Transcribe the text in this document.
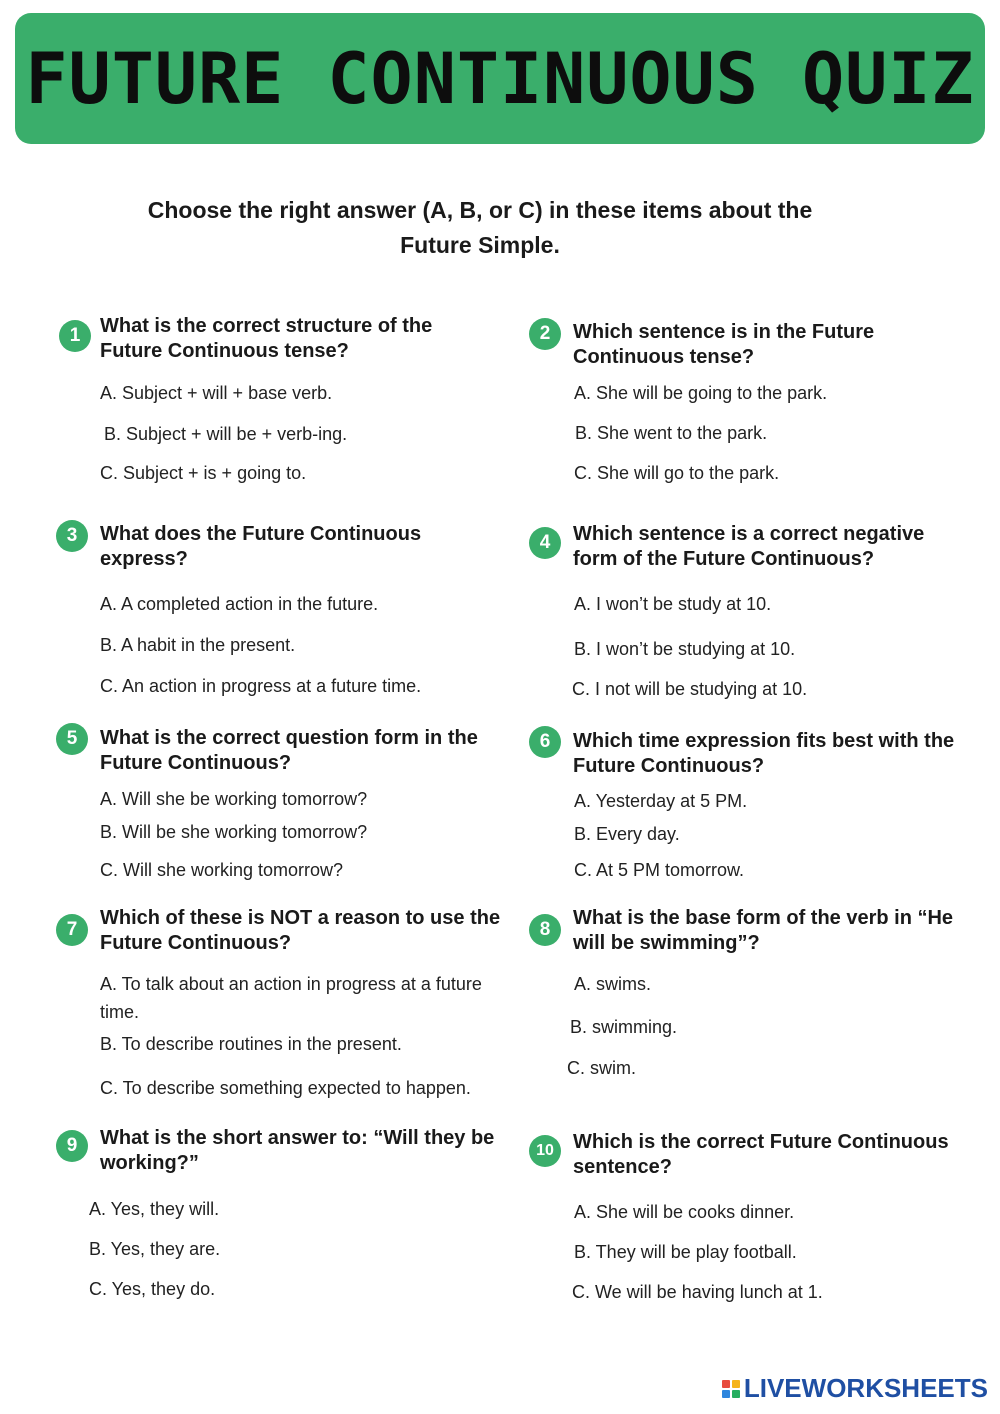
FUTURE CONTINUOUS QUIZ
Choose the right answer (A, B, or C) in these items about the Future Simple.
1 What is the correct structure of the Future Continuous tense?
A. Subject + will + base verb.
B. Subject + will be + verb-ing.
C. Subject + is + going to.
2	Which sentence is in the Future Continuous tense?
A. She will be going to the park.
B. She went to the park.
C. She will go to the park.
3	What does the Future Continuous express?
A. A completed action in the future.
B. A habit in the present.
C. An action in progress at a future time.
4	Which sentence is a correct negative form of the Future Continuous?
A. I won’t be study at 10.
B. I won’t be studying at 10.
C. I not will be studying at 10.
5	What is the correct question form in the Future Continuous?
A. Will she be working tomorrow?
B. Will be she working tomorrow?
C. Will she working tomorrow?
6	Which time expression fits best with the Future Continuous?
A. Yesterday at 5 PM.
B. Every day.
C. At 5 PM tomorrow.
7
Which of these is NOT a reason to use the Future Continuous?
A. To talk about an action in progress at a future time.
B. To describe routines in the present.
C. To describe something expected to happen.
8
What is the base form of the verb in “He will be swimming”?
A. swims.
B. swimming.
C. swim.
9	What is the short answer to: “Will they be working?”
A. Yes, they will.
B. Yes, they are.
C. Yes, they do.
10 Which is the correct Future Continuous sentence?
A. She will be cooks dinner.
B. They will be play football.
C. We will be having lunch at 1.
LIVEWORKSHEETS
